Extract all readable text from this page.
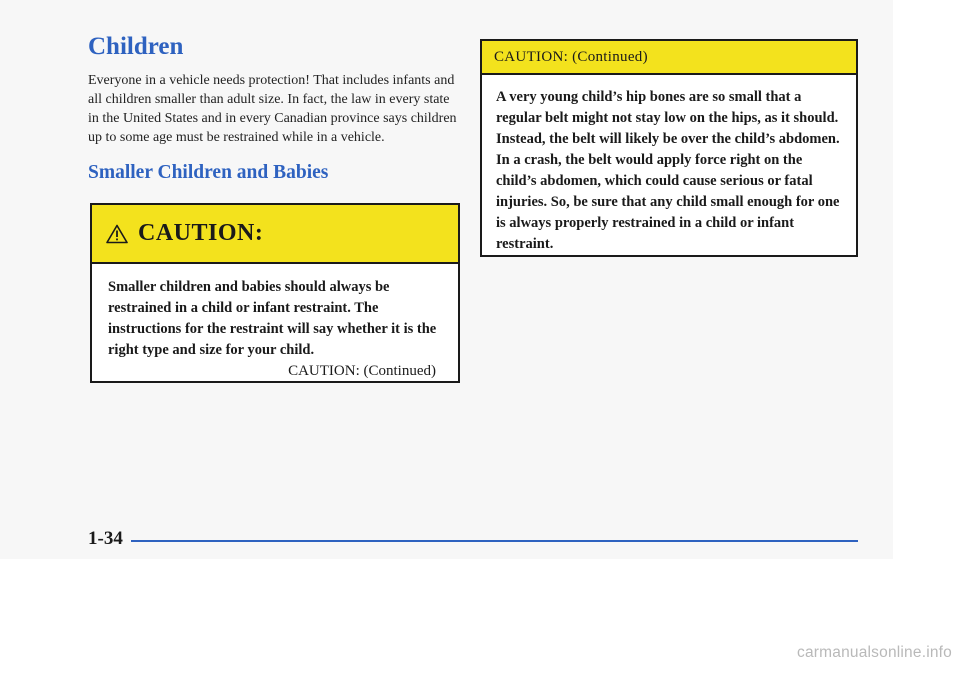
Children

Everyone in a vehicle needs protection! That includes infants and all children smaller than adult size. In fact, the law in every state in the United States and in every Canadian province says children up to some age must be restrained while in a vehicle.

Smaller Children and Babies
CAUTION:
Smaller children and babies should always be restrained in a child or infant restraint. The instructions for the restraint will say whether it is the right type and size for your child.
CAUTION: (Continued)
CAUTION: (Continued)
A very young child’s hip bones are so small that a regular belt might not stay low on the hips, as it should. Instead, the belt will likely be over the child’s abdomen. In a crash, the belt would apply force right on the child’s abdomen, which could cause serious or fatal injuries. So, be sure that any child small enough for one is always properly restrained in a child or infant restraint.
1-34
carmanualsonline.info
